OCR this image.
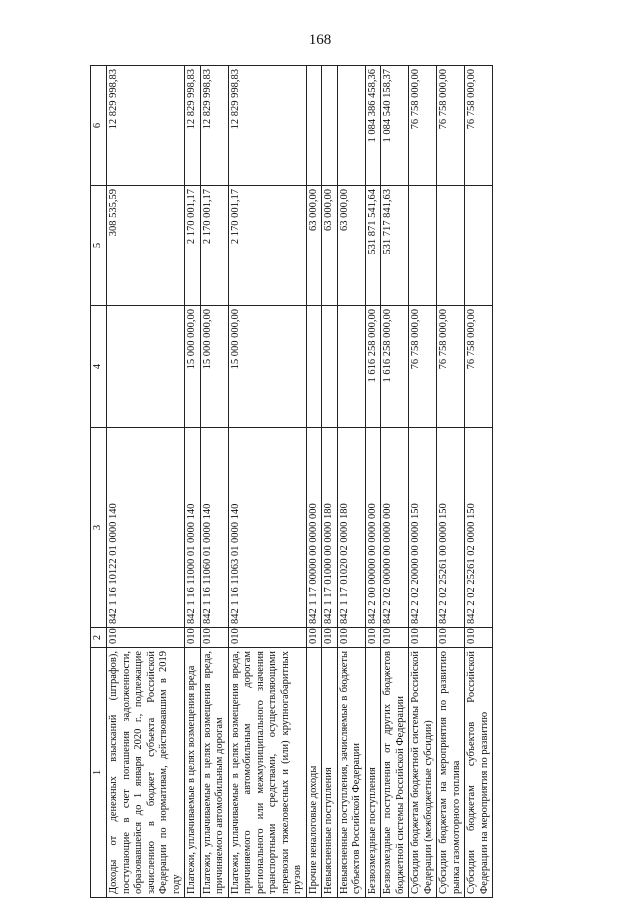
168
1	2	3	4	5	6
Доходы от денежных взысканий (штрафов), поступающие в счет погашения задолженности, образовавшейся до 1 января 2020 г., подлежащие зачислению в бюджет субъекта Российской Федерации по нормативам, действовавшим в 2019 году	010	842 1 16 10122 01 0000 140		308 535,59	12 829 998,83
Платежи, уплачиваемые в целях возмещения вреда	010	842 1 16 11000 01 0000 140	15 000 000,00	2 170 001,17	12 829 998,83
Платежи, уплачиваемые в целях возмещения вреда, причиняемого автомобильным дорогам	010	842 1 16 11060 01 0000 140	15 000 000,00	2 170 001,17	12 829 998,83
Платежи, уплачиваемые в целях возмещения вреда, причиняемого автомобильным дорогам регионального или межмуниципального значения транспортными средствами, осуществляющими перевозки тяжеловесных и (или) крупногабаритных грузов	010	842 1 16 11063 01 0000 140	15 000 000,00	2 170 001,17	12 829 998,83
Прочие неналоговые доходы	010	842 1 17 00000 00 0000 000		63 000,00	
Невыясненные поступления	010	842 1 17 01000 00 0000 180		63 000,00	
Невыясненные поступления, зачисляемые в бюджеты субъектов Российской Федерации	010	842 1 17 01020 02 0000 180		63 000,00	
Безвозмездные поступления	010	842 2 00 00000 00 0000 000	1 616 258 000,00	531 871 541,64	1 084 386 458,36
Безвозмездные поступления от других бюджетов бюджетной системы Российской Федерации	010	842 2 02 00000 00 0000 000	1 616 258 000,00	531 717 841,63	1 084 540 158,37
Субсидии бюджетам бюджетной системы Российской Федерации (межбюджетные субсидии)	010	842 2 02 20000 00 0000 150	76 758 000,00		76 758 000,00
Субсидии бюджетам на мероприятия по развитию рынка газомоторного топлива	010	842 2 02 25261 00 0000 150	76 758 000,00		76 758 000,00
Субсидии бюджетам субъектов Российской Федерации на мероприятия по развитию	010	842 2 02 25261 02 0000 150	76 758 000,00		76 758 000,00
